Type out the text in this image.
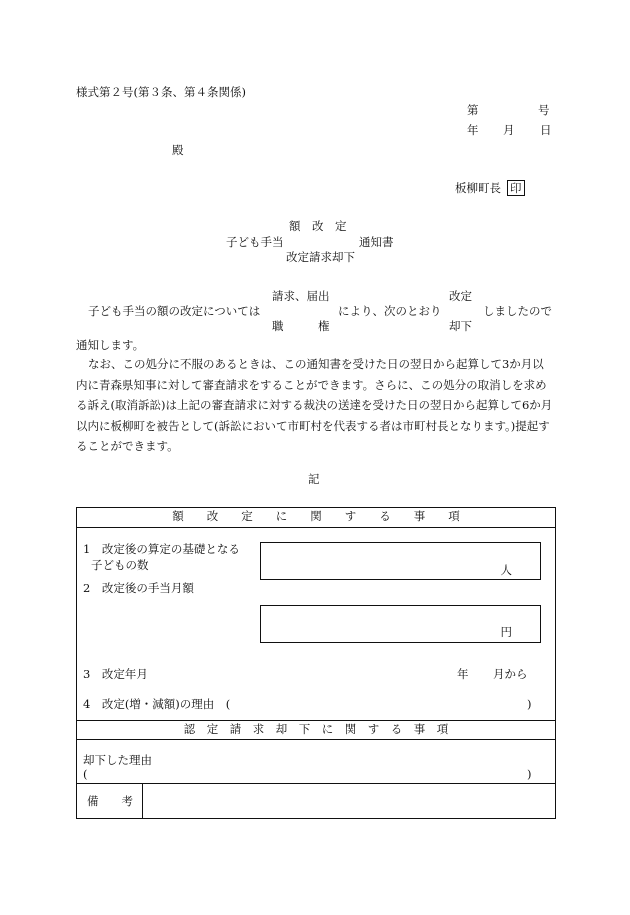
様式第２号(第３条、第４条関係)
第	号
年 月 日
殿
板柳町長 印
額　改　定
子ども手当	通知書
改定請求却下
請求、届出	改定
子ども手当の額の改定については	により、次のとおり	しましたので
職　　　権	却下
通知します。
なお、この処分に不服のあるときは、この通知書を受けた日の翌日から起算して3か月以内に青森県知事に対して審査請求をすることができます。さらに、この処分の取消しを求める訴え(取消訴訟)は上記の審査請求に対する裁決の送達を受けた日の翌日から起算して6か月以内に板柳町を被告として(訴訟において市町村を代表する者は市町村長となります。)提起することができます。
記
額　　改　　定　　に　　関　　す　　る　　事　　項
1　改定後の算定の基礎となる
子どもの数	人
2　改定後の手当月額
円
3　改定年月	年 月から
4　改定(増・減額)の理由　(	)
認　定　請　求　却　下　に　関　す　る　事　項
却下した理由
(	)
備　　考
